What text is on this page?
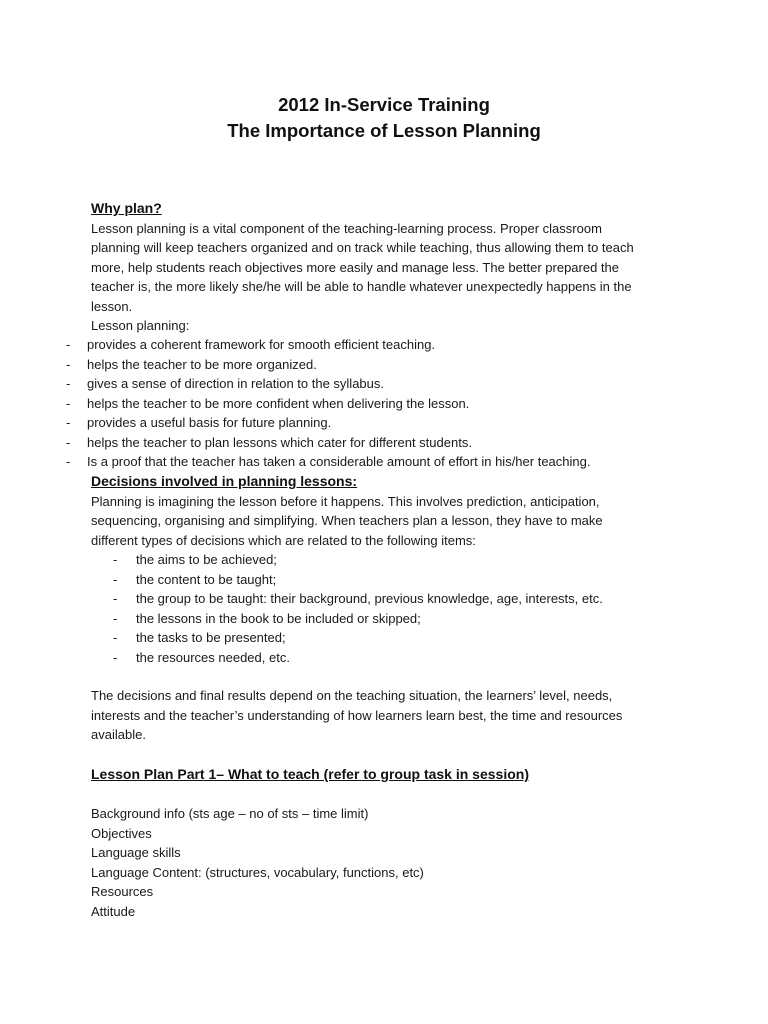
2012 In-Service Training
The Importance of Lesson Planning
Why plan?

Lesson planning is a vital component of the teaching-learning process. Proper classroom

planning will keep teachers organized and on track while teaching, thus allowing them to teach

more, help students reach objectives more easily and manage less. The better prepared the

teacher is, the more likely she/he will be able to handle whatever unexpectedly happens in the

lesson.

Lesson planning:

- provides a coherent framework for smooth efficient teaching.
- helps the teacher to be more organized.
- gives a sense of direction in relation to the syllabus.
- helps the teacher to be more confident when delivering the lesson.
- provides a useful basis for future planning.
- helps the teacher to plan lessons which cater for different students.
- Is a proof that the teacher has taken a considerable amount of effort in his/her teaching.
Decisions involved in planning lessons:

Planning is imagining the lesson before it happens. This involves prediction, anticipation,

sequencing, organising and simplifying. When teachers plan a lesson, they have to make

different types of decisions which are related to the following items:

- the aims to be achieved;
- the content to be taught;
- the group to be taught: their background, previous knowledge, age, interests, etc.
- the lessons in the book to be included or skipped;
- the tasks to be presented;
- the resources needed, etc.

The decisions and final results depend on the teaching situation, the learners’ level, needs,

interests and the teacher’s understanding of how learners learn best, the time and resources

available.

Lesson Plan Part 1– What to teach (refer to group task in session)
Background info (sts age – no of sts – time limit)
Objectives
Language skills
Language Content: (structures, vocabulary, functions, etc)
Resources
Attitude
